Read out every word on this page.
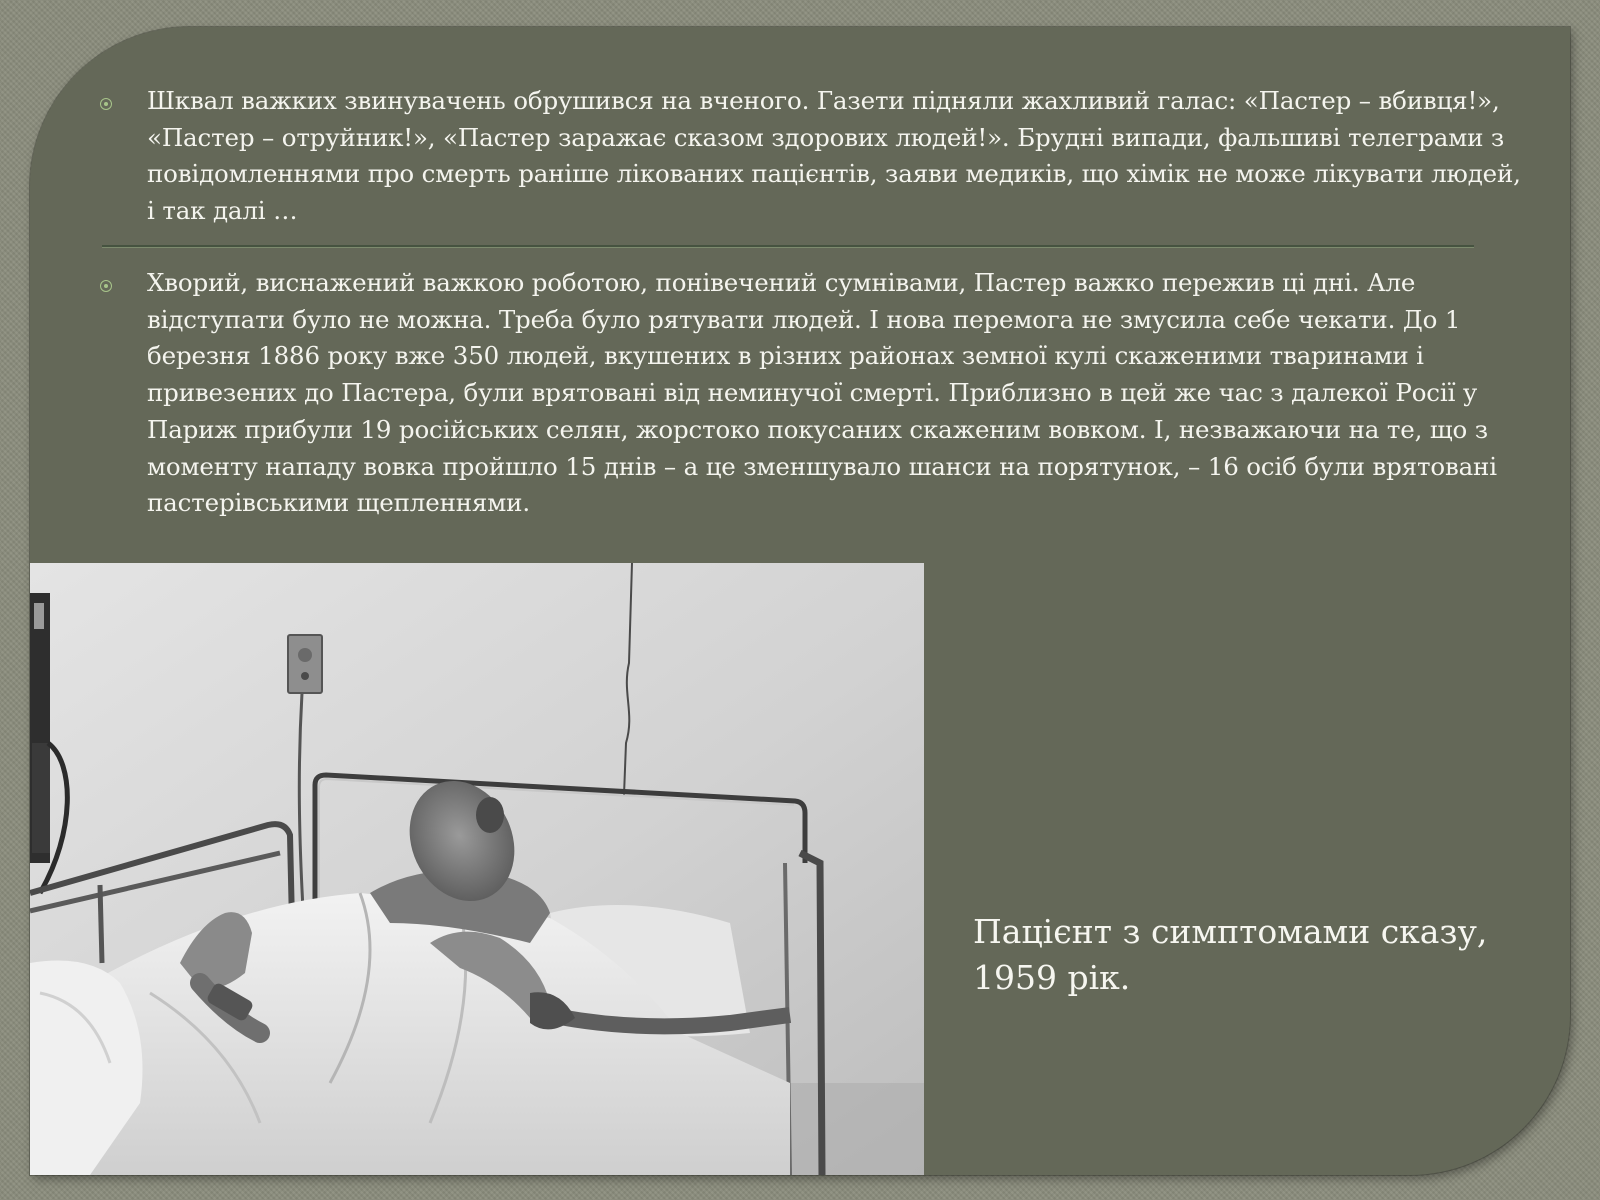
Шквал важких звинувачень обрушився на вченого. Газети підняли жахливий галас: «Пастер – вбивця!», «Пастер – отруйник!», «Пастер заражає сказом здорових людей!». Брудні випади, фальшиві телеграми з повідомленнями про смерть раніше лікованих пацієнтів, заяви медиків, що хімік не може лікувати людей, і так далі …

Хворий, виснажений важкою роботою, понівечений сумнівами, Пастер важко пережив ці дні. Але відступати було не можна. Треба було рятувати людей. І нова перемога не змусила себе чекати. До 1 березня 1886 року вже 350 людей, вкушених в різних районах земної кулі скаженими тваринами і привезених до Пастера, були врятовані від неминучої смерті. Приблизно в цей же час з далекої Росії у Париж прибули 19 російських селян, жорстоко покусаних скаженим вовком. І, незважаючи на те, що з моменту нападу вовка пройшло 15 днів – а це зменшувало шанси на порятунок, – 16 осіб були врятовані пастерівськими щепленнями.

Пацієнт з симптомами сказу,
1959 рік.
